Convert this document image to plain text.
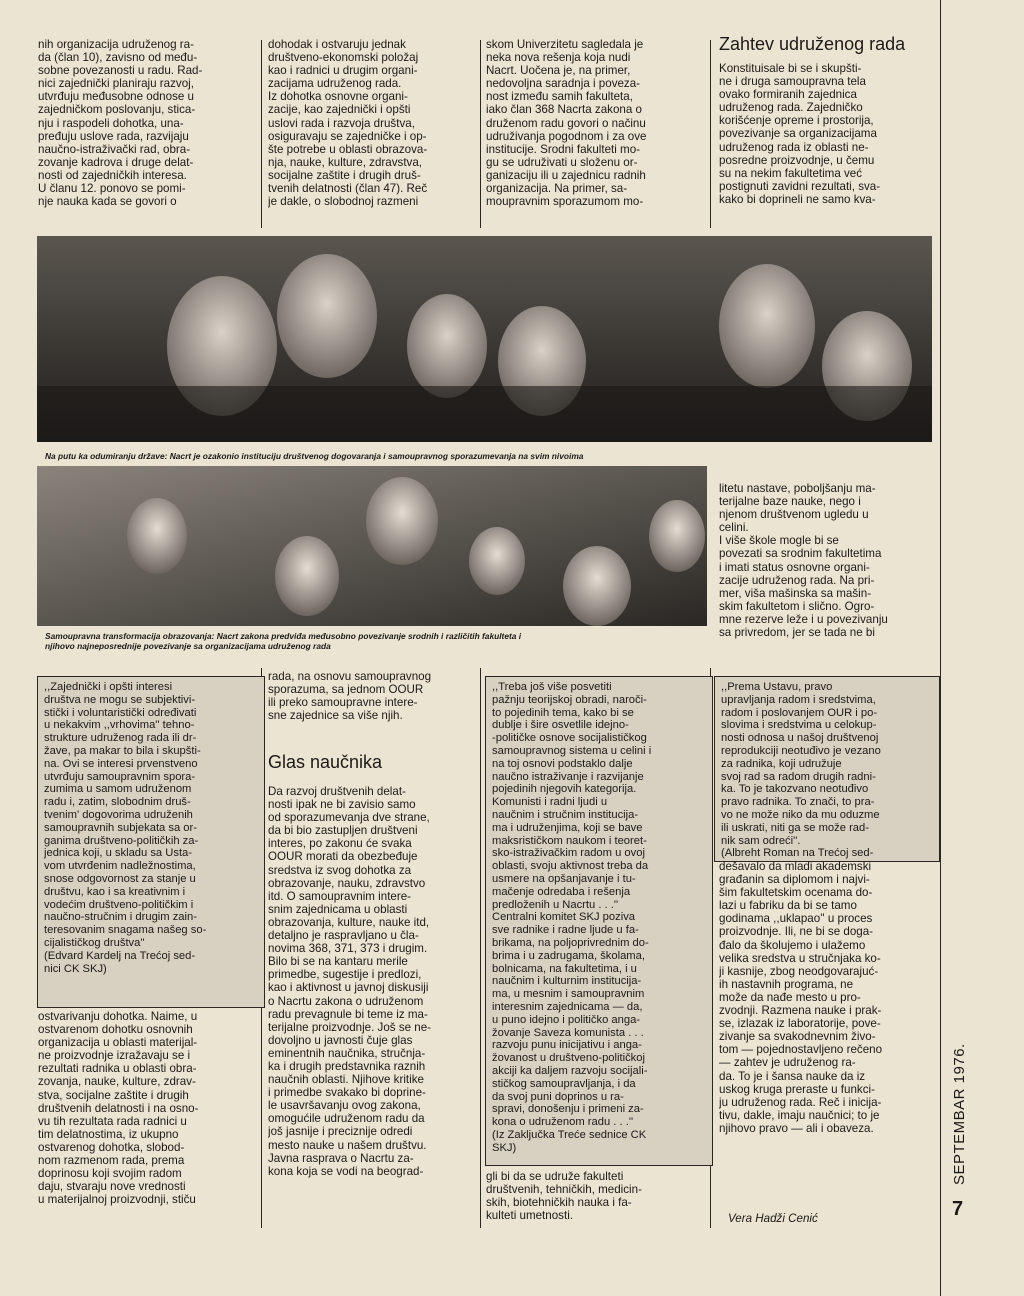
nih organizacija udruženog ra-
da (član 10), zavisno od među-
sobne povezanosti u radu. Rad-
nici zajednički planiraju razvoj,
utvrđuju međusobne odnose u
zajedničkom poslovanju, stica-
nju i raspodeli dohotka, una-
pređuju uslove rada, razvijaju
naučno-istraživački rad, obra-
zovanje kadrova i druge delat-
nosti od zajedničkih interesa.
U članu 12. ponovo se pomi-
nje nauka kada se govori o
dohodak i ostvaruju jednak
društveno-ekonomski položaj
kao i radnici u drugim organi-
zacijama udruženog rada.
Iz dohotka osnovne organi-
zacije, kao zajednički i opšti
uslovi rada i razvoja društva,
osiguravaju se zajedničke i op-
šte potrebe u oblasti obrazova-
nja, nauke, kulture, zdravstva,
socijalne zaštite i drugih druš-
tvenih delatnosti (član 47). Reč
je dakle, o slobodnoj razmeni
skom Univerzitetu sagledala je
neka nova rešenja koja nudi
Nacrt. Uočena je, na primer,
nedovoljna saradnja i poveza-
nost između samih fakulteta,
iako član 368 Nacrta zakona o
druženom radu govori o načinu
udruživanja pogodnom i za ove
institucije. Srodni fakulteti mo-
gu se udruživati u složenu or-
ganizaciju ili u zajednicu radnih
organizacija. Na primer, sa-
moupravnim sporazumom mo-
Zahtev udruženog rada
Konstituisale bi se i skupšti-
ne i druga samoupravna tela
ovako formiranih zajednica
udruženog rada. Zajedničko
korišćenje opreme i prostorija,
povezivanje sa organizacijama
udruženog rada iz oblasti ne-
posredne proizvodnje, u čemu
su na nekim fakultetima već
postignuti zavidni rezultati, sva-
kako bi doprineli ne samo kva-
Na putu ka odumiranju države: Nacrt je ozakonio instituciju društvenog dogovaranja i samoupravnog sporazumevanja na svim nivoima
Samoupravna transformacija obrazovanja: Nacrt zakona predviđa međusobno povezivanje srodnih i različitih fakulteta i
njihovo najneposrednije povezivanje sa organizacijama udruženog rada
litetu nastave, poboljšanju ma-
terijalne baze nauke, nego i
njenom društvenom ugledu u
celini.
I više škole mogle bi se
povezati sa srodnim fakultetima
i imati status osnovne organi-
zacije udruženog rada. Na pri-
mer, viša mašinska sa mašin-
skim fakultetom i slično. Ogro-
mne rezerve leže i u povezivanju
sa privredom, jer se tada ne bi
,,Zajednički i opšti interesi
društva ne mogu se subjektivi-
stički i voluntaristički određivati
u nekakvim ,,vrhovima'' tehno-
strukture udruženog rada ili dr-
žave, pa makar to bila i skupšti-
na. Ovi se interesi prvenstveno
utvrđuju samoupravnim spora-
zumima u samom udruženom
radu i, zatim, slobodnim druš-
tvenim' dogovorima udruženih
samoupravnih subjekata sa or-
ganima društveno-političkih za-
jednica koji, u skladu sa Usta-
vom utvrđenim nadležnostima,
snose odgovornost za stanje u
društvu, kao i sa kreativnim i
vodećim društveno-političkim i
naučno-stručnim i drugim zain-
teresovanim snagama našeg so-
cijalističkog društva''
(Edvard Kardelj na Trećoj sed-
nici CK SKJ)
ostvarivanju dohotka. Naime, u
ostvarenom dohotku osnovnih
organizacija u oblasti materijal-
ne proizvodnje izražavaju se i
rezultati radnika u oblasti obra-
zovanja, nauke, kulture, zdrav-
stva, socijalne zaštite i drugih
društvenih delatnosti i na osno-
vu tih rezultata rada radnici u
tim delatnostima, iz ukupno
ostvarenog dohotka, slobod-
nom razmenom rada, prema
doprinosu koji svojim radom
daju, stvaraju nove vrednosti
u materijalnoj proizvodnji, stiču
rada, na osnovu samoupravnog
sporazuma, sa jednom OOUR
ili preko samoupravne intere-
sne zajednice sa više njih.
Glas naučnika
Da razvoj društvenih delat-
nosti ipak ne bi zavisio samo
od sporazumevanja dve strane,
da bi bio zastupljen društveni
interes, po zakonu će svaka
OOUR morati da obezbeđuje
sredstva iz svog dohotka za
obrazovanje, nauku, zdravstvo
itd. O samoupravnim intere-
snim zajednicama u oblasti
obrazovanja, kulture, nauke itd,
detaljno je raspravljano u čla-
novima 368, 371, 373 i drugim.
Bilo bi se na kantaru merile
primedbe, sugestije i predlozi,
kao i aktivnost u javnoj diskusiji
o Nacrtu zakona o udruženom
radu prevagnule bi teme iz ma-
terijalne proizvodnje. Još se ne-
dovoljno u javnosti čuje glas
eminentnih naučnika, stručnja-
ka i drugih predstavnika raznih
naučnih oblasti. Njihove kritike
i primedbe svakako bi doprine-
le usavršavanju ovog zakona,
omogućile udruženom radu da
još jasnije i preciznije odredi
mesto nauke u našem društvu.
Javna rasprava o Nacrtu za-
kona koja se vodi na beograd-
,,Treba još više posvetiti
pažnju teorijskoj obradi, naroči-
to pojedinih tema, kako bi se
dublje i šire osvetlile idejno-
-političke osnove socijalističkog
samoupravnog sistema u celini i
na toj osnovi podstaklo dalje
naučno istraživanje i razvijanje
pojedinih njegovih kategorija.
Komunisti i radni ljudi u
naučnim i stručnim institucija-
ma i udruženjima, koji se bave
maksrističkom naukom i teoret-
sko-istraživačkim radom u ovoj
oblasti, svoju aktivnost treba da
usmere na opšanjavanje i tu-
mačenje odredaba i rešenja
predloženih u Nacrtu . . .''
Centralni komitet SKJ poziva
sve radnike i radne ljude u fa-
brikama, na poljoprivrednim do-
brima i u zadrugama, školama,
bolnicama, na fakultetima, i u
naučnim i kulturnim institucija-
ma, u mesnim i samoupravnim
interesnim zajednicama — da,
u puno idejno i političko anga-
žovanje Saveza komunista . . .
razvoju punu inicijativu i anga-
žovanost u društveno-političkoj
akciji ka daljem razvoju socijali-
stičkog samoupravljanja, i da
da svoj puni doprinos u ra-
spravi, donošenju i primeni za-
kona o udruženom radu . . .''
(Iz Zaključka Treće sednice CK
SKJ)
gli bi da se udruže fakulteti
društvenih, tehničkih, medicin-
skih, biotehničkih nauka i fa-
kulteti umetnosti.
,,Prema Ustavu, pravo
upravljanja radom i sredstvima,
radom i poslovanjem OUR i po-
slovima i sredstvima u celokup-
nosti odnosa u našoj društvenoj
reprodukciji neotuđivo je vezano
za radnika, koji udružuje
svoj rad sa radom drugih radni-
ka. To je takozvano neotuđivo
pravo radnika. To znači, to pra-
vo ne može niko da mu oduzme
ili uskrati, niti ga se može rad-
nik sam odreći''.
(Albreht Roman na Trećoj sed-

dešavalo da mladi akademski
građanin sa diplomom i najvi-
šim fakultetskim ocenama do-
lazi u fabriku da bi se tamo
godinama ,,uklapao'' u proces
proizvodnje. Ili, ne bi se doga-
đalo da školujemo i ulažemo
velika sredstva u stručnjaka ko-
ji kasnije, zbog neodgovarajuć-
ih nastavnih programa, ne
može da nađe mesto u pro-
zvodnji. Razmena nauke i prak-
se, izlazak iz laboratorije, pove-
zivanje sa svakodnevnim živo-
tom — pojednostavljeno rečeno
— zahtev je udruženog ra-
da. To je i šansa nauke da iz
uskog kruga preraste u funkci-
ju udruženog rada. Reč i inicija-
tivu, dakle, imaju naučnici; to je
njihovo pravo — ali i obaveza.
Vera Hadži Cenić
SEPTEMBAR 1976.
7
